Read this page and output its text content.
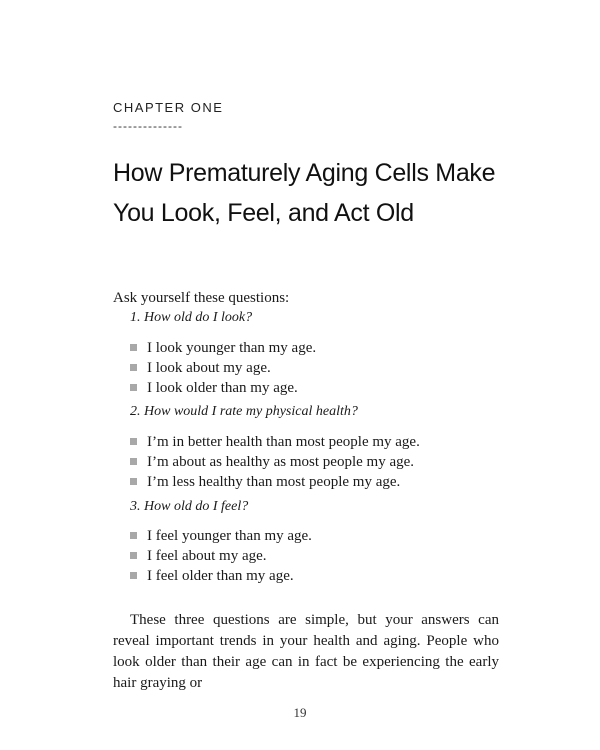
CHAPTER ONE
--------------
How Prematurely Aging Cells Make You Look, Feel, and Act Old
Ask yourself these questions:
1. How old do I look?
I look younger than my age.
I look about my age.
I look older than my age.
2. How would I rate my physical health?
I’m in better health than most people my age.
I’m about as healthy as most people my age.
I’m less healthy than most people my age.
3. How old do I feel?
I feel younger than my age.
I feel about my age.
I feel older than my age.

These three questions are simple, but your answers can reveal important trends in your health and aging. People who look older than their age can in fact be experiencing the early hair graying or

19
